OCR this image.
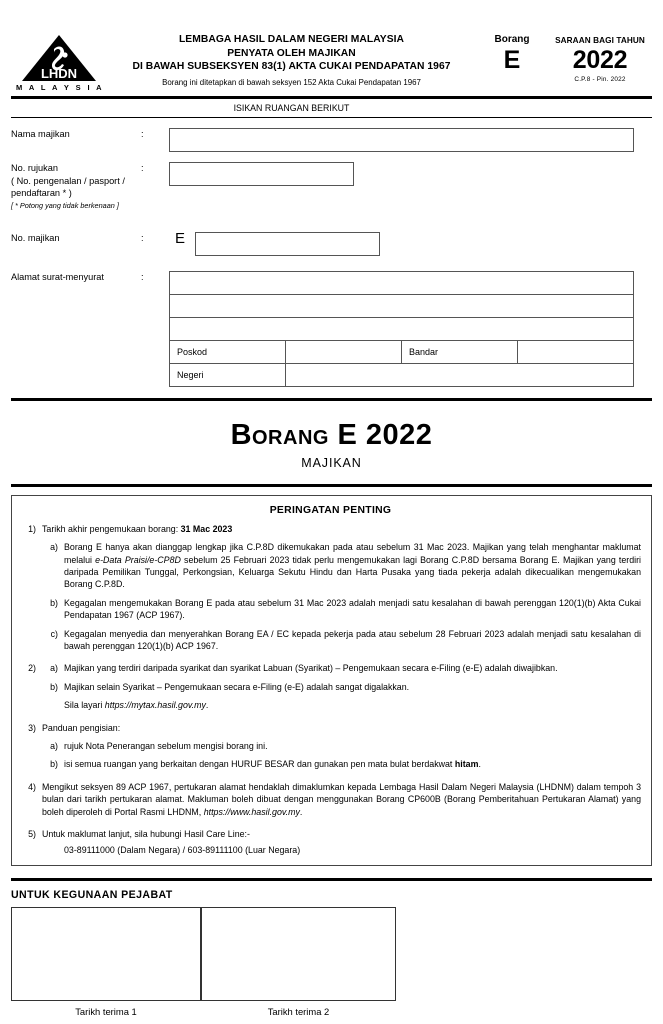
LHDN
M A L A Y S I A
LEMBAGA HASIL DALAM NEGERI MALAYSIA
PENYATA OLEH MAJIKAN
DI BAWAH SUBSEKSYEN 83(1) AKTA CUKAI PENDAPATAN 1967
Borang ini ditetapkan di bawah seksyen 152 Akta Cukai Pendapatan 1967
Borang
E
SARAAN BAGI TAHUN
2022
C.P.8 - Pin. 2022
ISIKAN RUANGAN BERIKUT
Nama majikan	:
No. rujukan
( No. pengenalan / pasport /
pendaftaran * )
[ * Potong yang tidak berkenaan ]
:
No. majikan	:	E
Alamat surat-menyurat	:

Poskod		Bandar	
Negeri			
Borang E 2022
MAJIKAN
PERINGATAN PENTING
1) Tarikh akhir pengemukaan borang: 31 Mac 2023
a) Borang E hanya akan dianggap lengkap jika C.P.8D dikemukakan pada atau sebelum 31 Mac 2023. Majikan yang telah menghantar maklumat melalui e-Data Praisi/e-CP8D sebelum 25 Februari 2023 tidak perlu mengemukakan lagi Borang C.P.8D bersama Borang E. Majikan yang terdiri daripada Pemilikan Tunggal, Perkongsian, Keluarga Sekutu Hindu dan Harta Pusaka yang tiada pekerja adalah dikecualikan mengemukakan Borang C.P.8D.
b) Kegagalan mengemukakan Borang E pada atau sebelum 31 Mac 2023 adalah menjadi satu kesalahan di bawah perenggan 120(1)(b) Akta Cukai Pendapatan 1967 (ACP 1967).
c) Kegagalan menyedia dan menyerahkan Borang EA / EC kepada pekerja pada atau sebelum 28 Februari 2023 adalah menjadi satu kesalahan di bawah perenggan 120(1)(b) ACP 1967.
2)	a) Majikan yang terdiri daripada syarikat dan syarikat Labuan (Syarikat) – Pengemukaan secara e-Filing (e-E) adalah diwajibkan.
b) Majikan selain Syarikat – Pengemukaan secara e-Filing (e-E) adalah sangat digalakkan.
Sila layari https://mytax.hasil.gov.my.
3) Panduan pengisian:
a) rujuk Nota Penerangan sebelum mengisi borang ini.
b) isi semua ruangan yang berkaitan dengan HURUF BESAR dan gunakan pen mata bulat berdakwat hitam.
4) Mengikut seksyen 89 ACP 1967, pertukaran alamat hendaklah dimaklumkan kepada Lembaga Hasil Dalam Negeri Malaysia (LHDNM) dalam tempoh 3 bulan dari tarikh pertukaran alamat. Makluman boleh dibuat dengan menggunakan Borang CP600B (Borang Pemberitahuan Pertukaran Alamat) yang boleh diperoleh di Portal Rasmi LHDNM, https://www.hasil.gov.my.
5) Untuk maklumat lanjut, sila hubungi Hasil Care Line:-
03-89111000 (Dalam Negara) / 603-89111100 (Luar Negara)
UNTUK KEGUNAAN PEJABAT
Tarikh terima 1	Tarikh terima 2
